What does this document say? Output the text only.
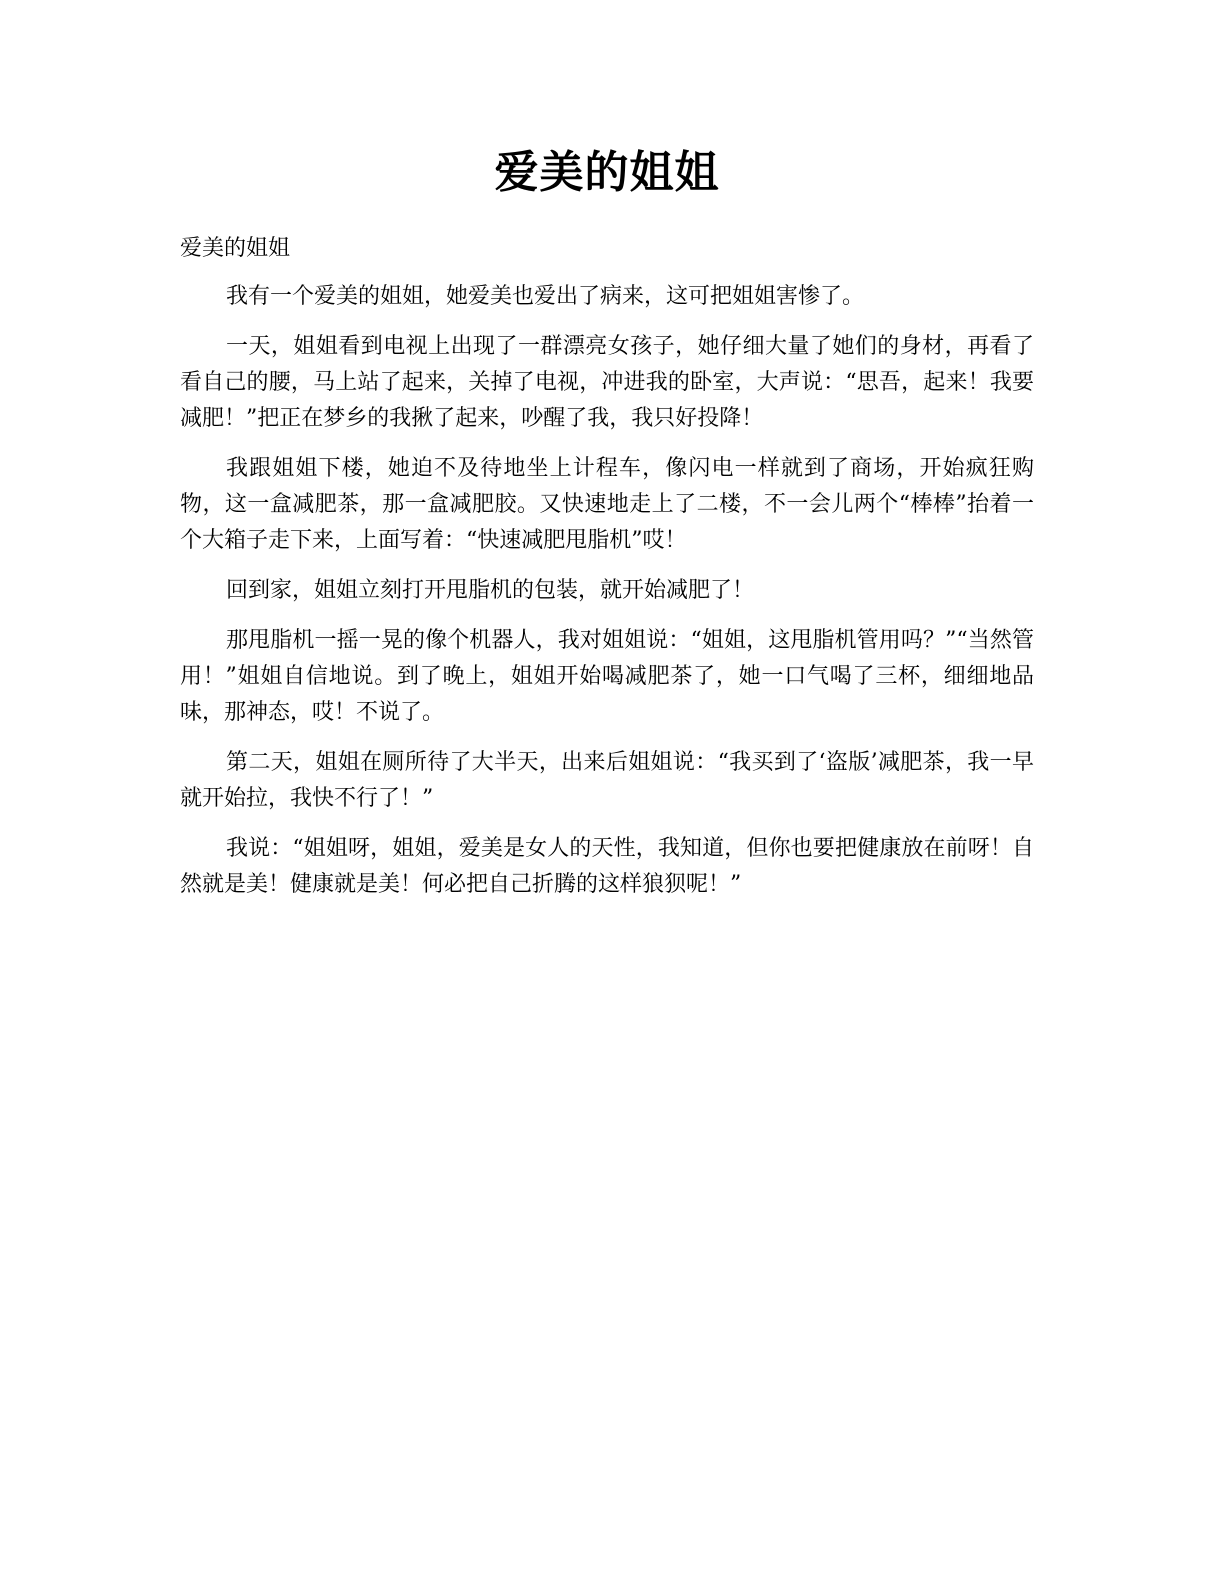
爱美的姐姐
爱美的姐姐

我有一个爱美的姐姐，她爱美也爱出了病来，这可把姐姐害惨了。

一天，姐姐看到电视上出现了一群漂亮女孩子，她仔细大量了她们的身材，再看了看自己的腰，马上站了起来，关掉了电视，冲进我的卧室，大声说：“思吾，起来！我要减肥！”把正在梦乡的我揪了起来，吵醒了我，我只好投降！

我跟姐姐下楼，她迫不及待地坐上计程车，像闪电一样就到了商场，开始疯狂购物，这一盒减肥茶，那一盒减肥胶。又快速地走上了二楼，不一会儿两个“棒棒”抬着一个大箱子走下来，上面写着：“快速减肥甩脂机”哎！

回到家，姐姐立刻打开甩脂机的包装，就开始减肥了！

那甩脂机一摇一晃的像个机器人，我对姐姐说：“姐姐，这甩脂机管用吗？”“当然管用！”姐姐自信地说。到了晚上，姐姐开始喝减肥茶了，她一口气喝了三杯，细细地品味，那神态，哎！不说了。

第二天，姐姐在厕所待了大半天，出来后姐姐说：“我买到了‘盗版’减肥茶，我一早就开始拉，我快不行了！”

我说：“姐姐呀，姐姐，爱美是女人的天性，我知道，但你也要把健康放在前呀！自然就是美！健康就是美！何必把自己折腾的这样狼狈呢！”
